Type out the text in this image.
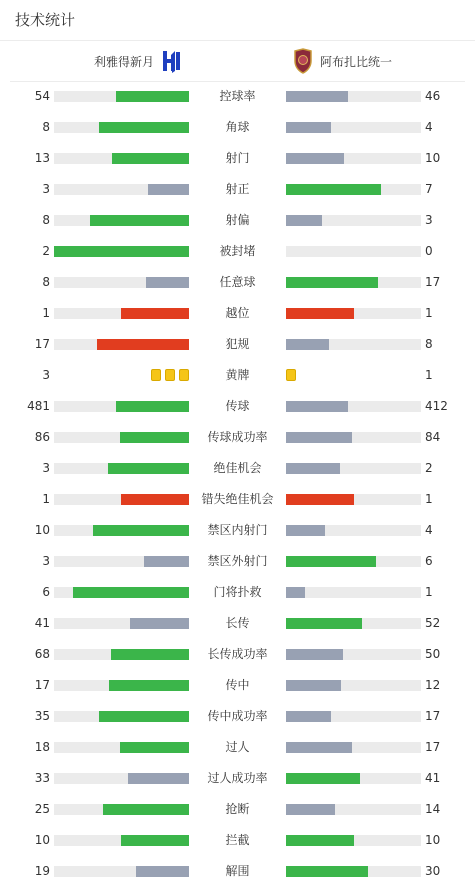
技术统计
利雅得新月	阿布扎比统一
54	控球率	46
8	角球	4
13	射门	10
3	射正	7
8	射偏	3
2	被封堵	0
8	任意球	17
1	越位	1
17	犯规	8
3	黄牌	1
481	传球	412
86	传球成功率	84
3	绝佳机会	2
1	错失绝佳机会	1
10	禁区内射门	4
3	禁区外射门	6
6	门将扑救	1
41	长传	52
68	长传成功率	50
17	传中	12
35	传中成功率	17
18	过人	17
33	过人成功率	41
25	抢断	14
10	拦截	10
19	解围	30
